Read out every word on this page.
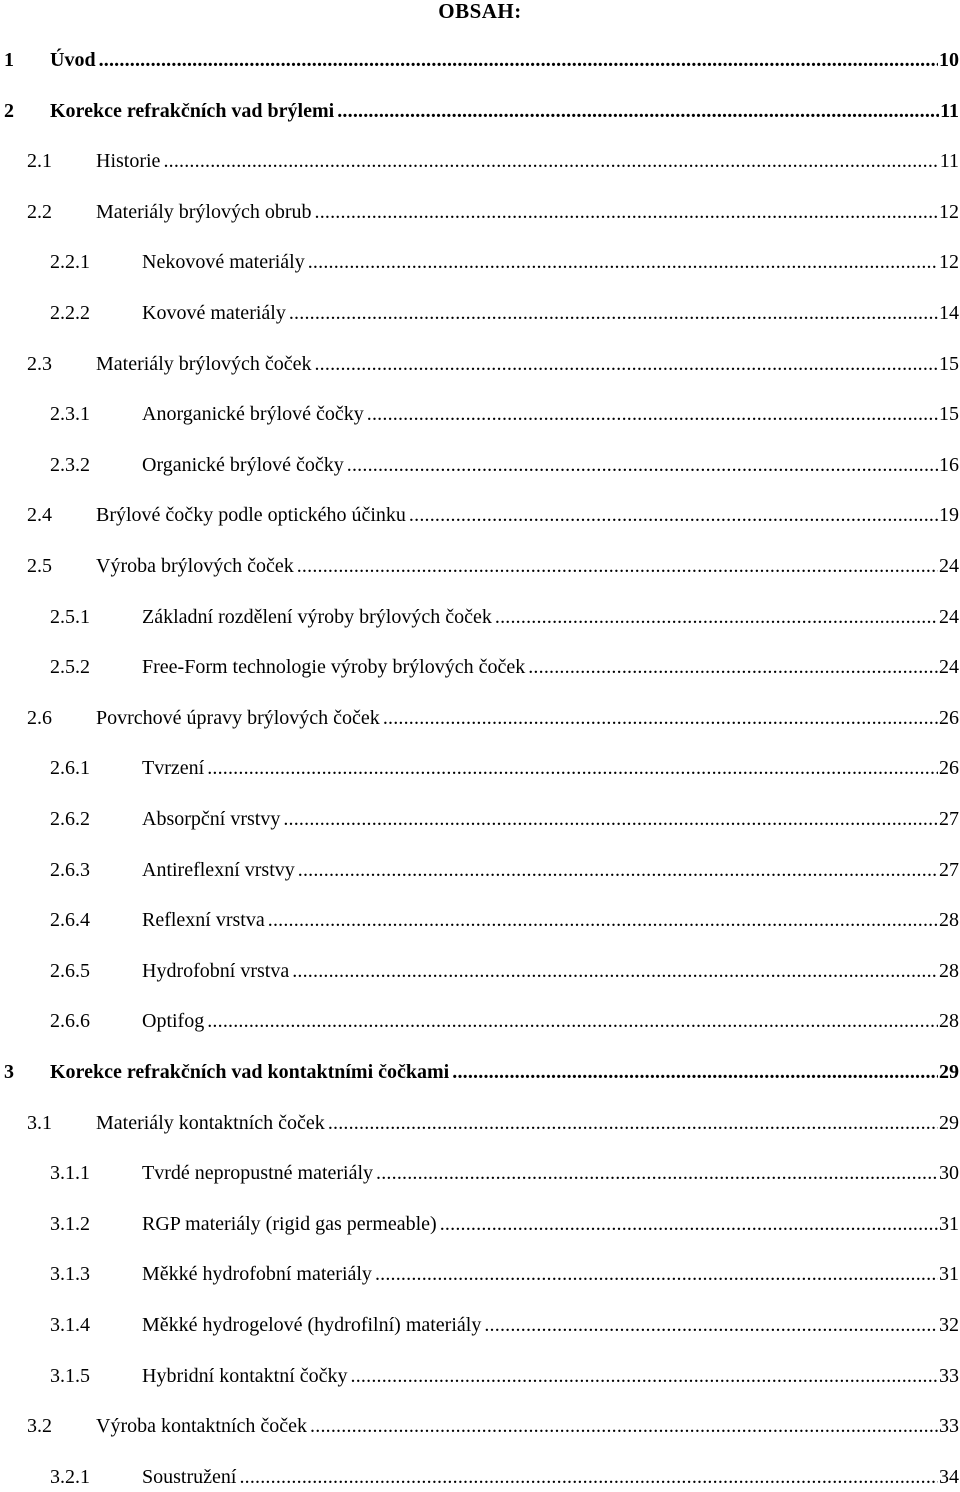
OBSAH:
1	Úvod .....	10
2	Korekce refrakčních vad brýlemi .....	11
2.1	Historie .....	11
2.2	Materiály brýlových obrub .....	12
2.2.1	Nekovové materiály .....	12
2.2.2	Kovové materiály .....	14
2.3	Materiály brýlových čoček .....	15
2.3.1	Anorganické brýlové čočky .....	15
2.3.2	Organické brýlové čočky .....	16
2.4	Brýlové čočky podle optického účinku .....	19
2.5	Výroba brýlových čoček .....	24
2.5.1	Základní rozdělení výroby brýlových čoček .....	24
2.5.2	Free-Form technologie výroby brýlových čoček .....	24
2.6	Povrchové úpravy brýlových čoček .....	26
2.6.1	Tvrzení .....	26
2.6.2	Absorpční vrstvy .....	27
2.6.3	Antireflexní vrstvy .....	27
2.6.4	Reflexní vrstva .....	28
2.6.5	Hydrofobní vrstva .....	28
2.6.6	Optifog .....	28
3	Korekce refrakčních vad kontaktními čočkami .....	29
3.1	Materiály kontaktních čoček .....	29
3.1.1	Tvrdé nepropustné materiály .....	30
3.1.2	RGP materiály (rigid gas permeable) .....	31
3.1.3	Měkké hydrofobní materiály .....	31
3.1.4	Měkké hydrogelové (hydrofilní) materiály .....	32
3.1.5	Hybridní kontaktní čočky .....	33
3.2	Výroba kontaktních čoček .....	33
3.2.1	Soustružení .....	34
